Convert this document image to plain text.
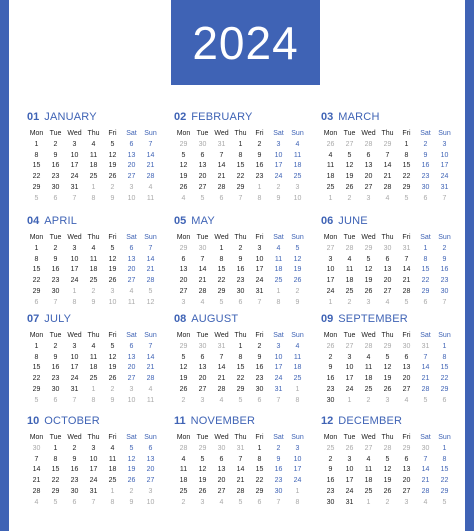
2024
01 JANUARY
Mon Tue Wed Thu	Fri	Sat	Sun
1	2	3	4	5	6	7
8	9	10	11	12	13	14
15	16	17	18	19	20	21
22	23	24	25	26	27	28
29	30	31	1	2	3	4
5	6	7	8	9	10	11
02 FEBRUARY
Mon Tue Wed Thu	Fri	Sat	Sun
29	30	31	1	2	3	4
5	6	7	8	9	10	11
12	13	14	15	16	17	18
19	20	21	22	23	24	25
26	27	28	29	1	2	3
4	5	6	7	8	9	10
03 MARCH
Mon Tue Wed Thu	Fri	Sat	Sun
26	27	28	29	1	2	3
4	5	6	7	8	9	10
11	12	13	14	15	16	17
18	19	20	21	22	23	24
25	26	27	28	29	30	31
1	2	3	4	5	6	7
04 APRIL
Mon Tue Wed Thu	Fri	Sat	Sun
1	2	3	4	5	6	7
8	9	10	11	12	13	14
15	16	17	18	19	20	21
22	23	24	25	26	27	28
29	30	1	2	3	4	5
6	7	8	9	10	11	12
05 MAY
Mon Tue Wed Thu	Fri	Sat	Sun
29	30	1	2	3	4	5
6	7	8	9	10	11	12
13	14	15	16	17	18	19
20	21	22	23	24	25	26
27	28	29	30	31	1	2
3	4	5	6	7	8	9
06 JUNE
Mon Tue Wed Thu	Fri	Sat	Sun
27	28	29	30	31	1	2
3	4	5	6	7	8	9
10	11	12	13	14	15	16
17	18	19	20	21	22	23
24	25	26	27	28	29	30
1	2	3	4	5	6	7
07 JULY
Mon Tue Wed Thu	Fri	Sat	Sun
1	2	3	4	5	6	7
8	9	10	11	12	13	14
15	16	17	18	19	20	21
22	23	24	25	26	27	28
29	30	31	1	2	3	4
5	6	7	8	9	10	11
08 AUGUST
Mon Tue Wed Thu	Fri	Sat	Sun
29	30	31	1	2	3	4
5	6	7	8	9	10	11
12	13	14	15	16	17	18
19	20	21	22	23	24	25
26	27	28	29	30	31	1
2	3	4	5	6	7	8
09 SEPTEMBER
Mon Tue Wed Thu	Fri	Sat	Sun
26	27	28	29	30	31	1
2	3	4	5	6	7	8
9	10	11	12	13	14	15
16	17	18	19	20	21	22
23	24	25	26	27	28	29
30	1	2	3	4	5	6
10 OCTOBER
Mon Tue Wed Thu	Fri	Sat	Sun
30	1	2	3	4	5	6
7	8	9	10	11	12	13
14	15	16	17	18	19	20
21	22	23	24	25	26	27
28	29	30	31	1	2	3
4	5	6	7	8	9	10
11 NOVEMBER
Mon Tue Wed Thu	Fri	Sat	Sun
28	29	30	31	1	2	3
4	5	6	7	8	9	10
11	12	13	14	15	16	17
18	19	20	21	22	23	24
25	26	27	28	29	30	1
2	3	4	5	6	7	8
12 DECEMBER
Mon Tue Wed Thu	Fri	Sat	Sun
25	26	27	28	29	30	1
2	3	4	5	6	7	8
9	10	11	12	13	14	15
16	17	18	19	20	21	22
23	24	25	26	27	28	29
30	31	1	2	3	4	5
